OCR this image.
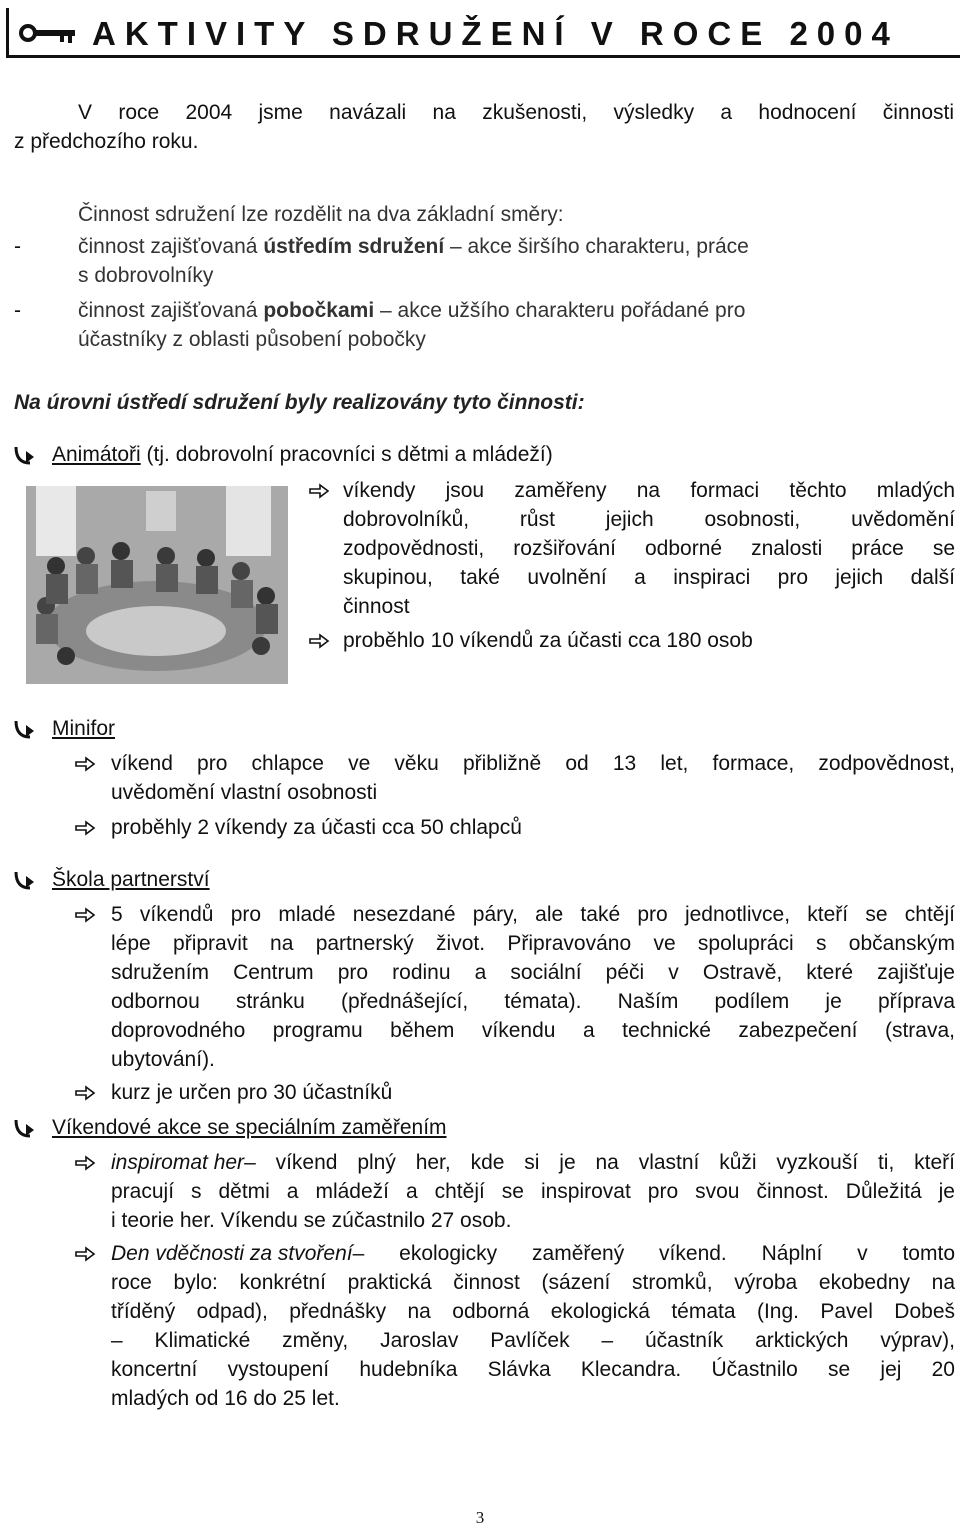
AKTIVITY SDRUŽENÍ V ROCE 2004
V roce 2004 jsme navázali na zkušenosti, výsledky a hodnocení činnosti
z předchozího roku.
Činnost sdružení lze rozdělit na dva základní směry:
-	činnost zajišťovaná ústředím sdružení – akce širšího charakteru, práce
s dobrovolníky
-	činnost zajišťovaná pobočkami – akce užšího charakteru pořádané pro
účastníky z oblasti působení pobočky
Na úrovni ústředí sdružení byly realizovány tyto činnosti:
Animátoři (tj. dobrovolní pracovníci s dětmi a mládeží)
víkendy jsou zaměřeny na formaci těchto mladých
dobrovolníků, růst jejich osobnosti, uvědomění
zodpovědnosti, rozšiřování odborné znalosti práce se
skupinou, také uvolnění a inspiraci pro jejich další
činnost
proběhlo 10 víkendů za účasti cca 180 osob
Minifor
víkend pro chlapce ve věku přibližně od 13 let, formace, zodpovědnost,
uvědomění vlastní osobnosti
proběhly 2 víkendy za účasti cca 50 chlapců
Škola partnerství
5 víkendů pro mladé nesezdané páry, ale také pro jednotlivce, kteří se chtějí
lépe připravit na partnerský život. Připravováno ve spolupráci s občanským
sdružením Centrum pro rodinu a sociální péči v Ostravě, které zajišťuje
odbornou stránku (přednášející, témata). Naším podílem je příprava
doprovodného programu během víkendu a technické zabezpečení (strava,
ubytování).
kurz je určen pro 30 účastníků
Víkendové akce se speciálním zaměřením
inspiromat her – víkend plný her, kde si je na vlastní kůži vyzkouší ti, kteří
pracují s dětmi a mládeží a chtějí se inspirovat pro svou činnost. Důležitá je
i teorie her. Víkendu se zúčastnilo 27 osob.
Den vděčnosti za stvoření – ekologicky zaměřený víkend. Náplní v tomto
roce bylo: konkrétní praktická činnost (sázení stromků, výroba ekobedny na
tříděný odpad), přednášky na odborná ekologická témata (Ing. Pavel Dobeš
– Klimatické změny, Jaroslav Pavlíček – účastník arktických výprav),
koncertní vystoupení hudebníka Slávka Klecandra. Účastnilo se jej 20
mladých od 16 do 25 let.
3
